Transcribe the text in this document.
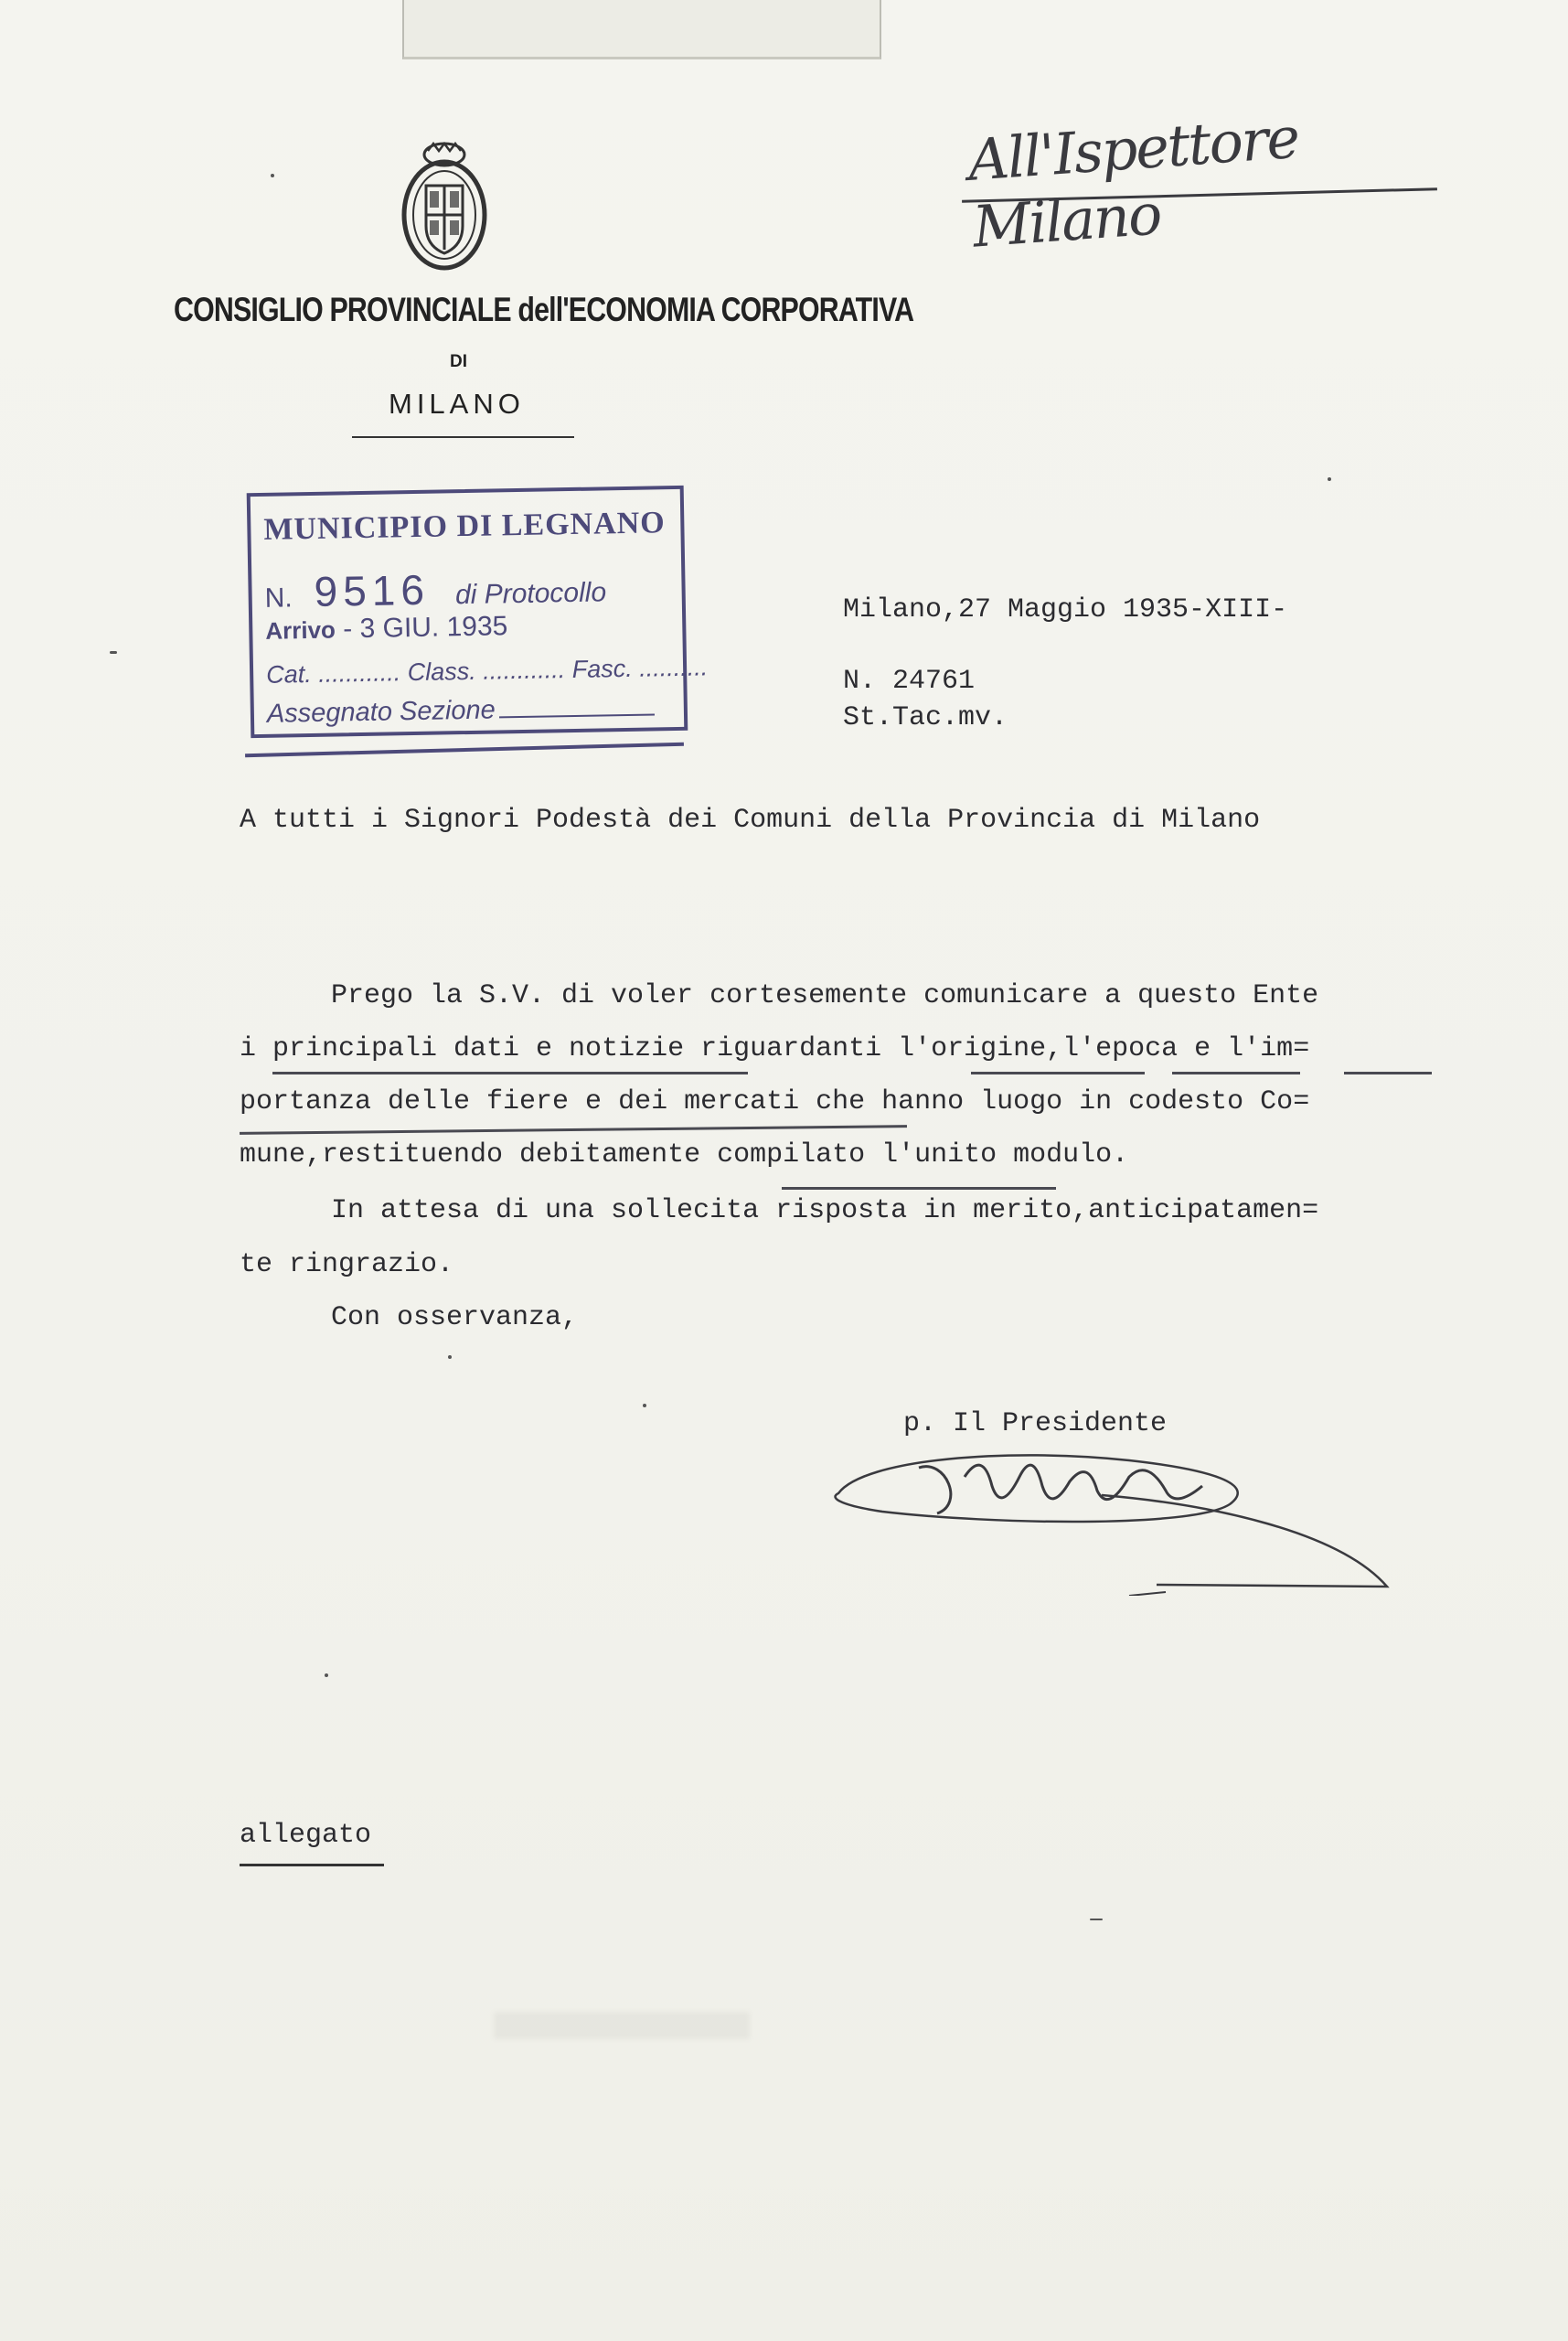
All'Ispettore Milano
CONSIGLIO PROVINCIALE dell'ECONOMIA CORPORATIVA
DI
MILANO
MUNICIPIO DI LEGNANO
N. 9516 di Protocollo
Arrivo - 3 GIU. 1935
Cat. ............ Class. ............ Fasc. ..........
Assegnato Sezione
Milano,27 Maggio 1935-XIII-
N. 24761
St.Tac.mv.
A tutti i Signori Podestà dei Comuni della Provincia di Milano
Prego la S.V. di voler cortesemente comunicare a questo Ente
i principali dati e notizie riguardanti l'origine,l'epoca e l'im=
portanza delle fiere e dei mercati che hanno luogo in codesto Co=
mune,restituendo debitamente compilato l'unito modulo.
In attesa di una sollecita risposta in merito,anticipatamen=
te ringrazio.
Con osservanza,
p. Il Presidente
allegato
